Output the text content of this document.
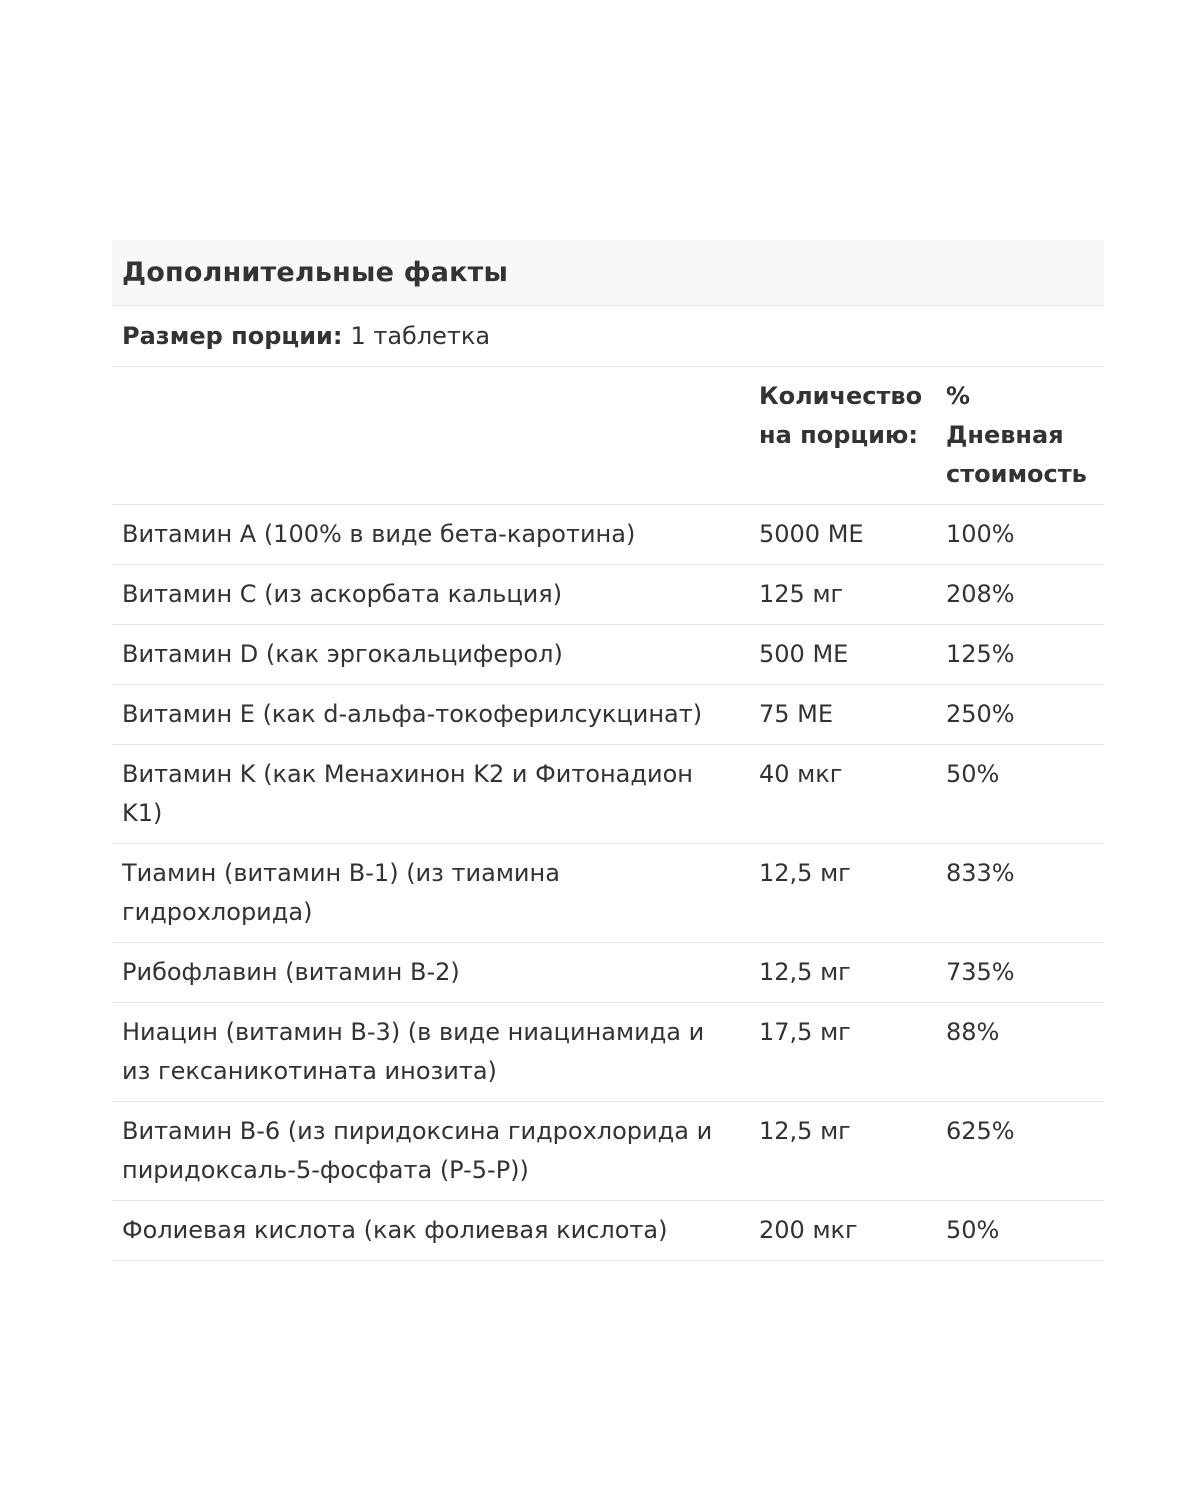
Дополнительные факты
Размер порции: 1 таблетка
	Количество на порцию:	% Дневная стоимость
Витамин A (100% в виде бета-каротина)	5000 МЕ	100%
Витамин C (из аскорбата кальция)	125 мг	208%
Витамин D (как эргокальциферол)	500 МЕ	125%
Витамин E (как d-альфа-токоферилсукцинат)	75 МЕ	250%
Витамин K (как Менахинон K2 и Фитонадион K1)	40 мкг	50%
Тиамин (витамин B-1) (из тиамина гидрохлорида)	12,5 мг	833%
Рибофлавин (витамин B-2)	12,5 мг	735%
Ниацин (витамин B-3) (в виде ниацинамида и из гексаникотината инозита)	17,5 мг	88%
Витамин B-6 (из пиридоксина гидрохлорида и пиридоксаль-5-фосфата (P-5-P))	12,5 мг	625%
Фолиевая кислота (как фолиевая кислота)	200 мкг	50%
